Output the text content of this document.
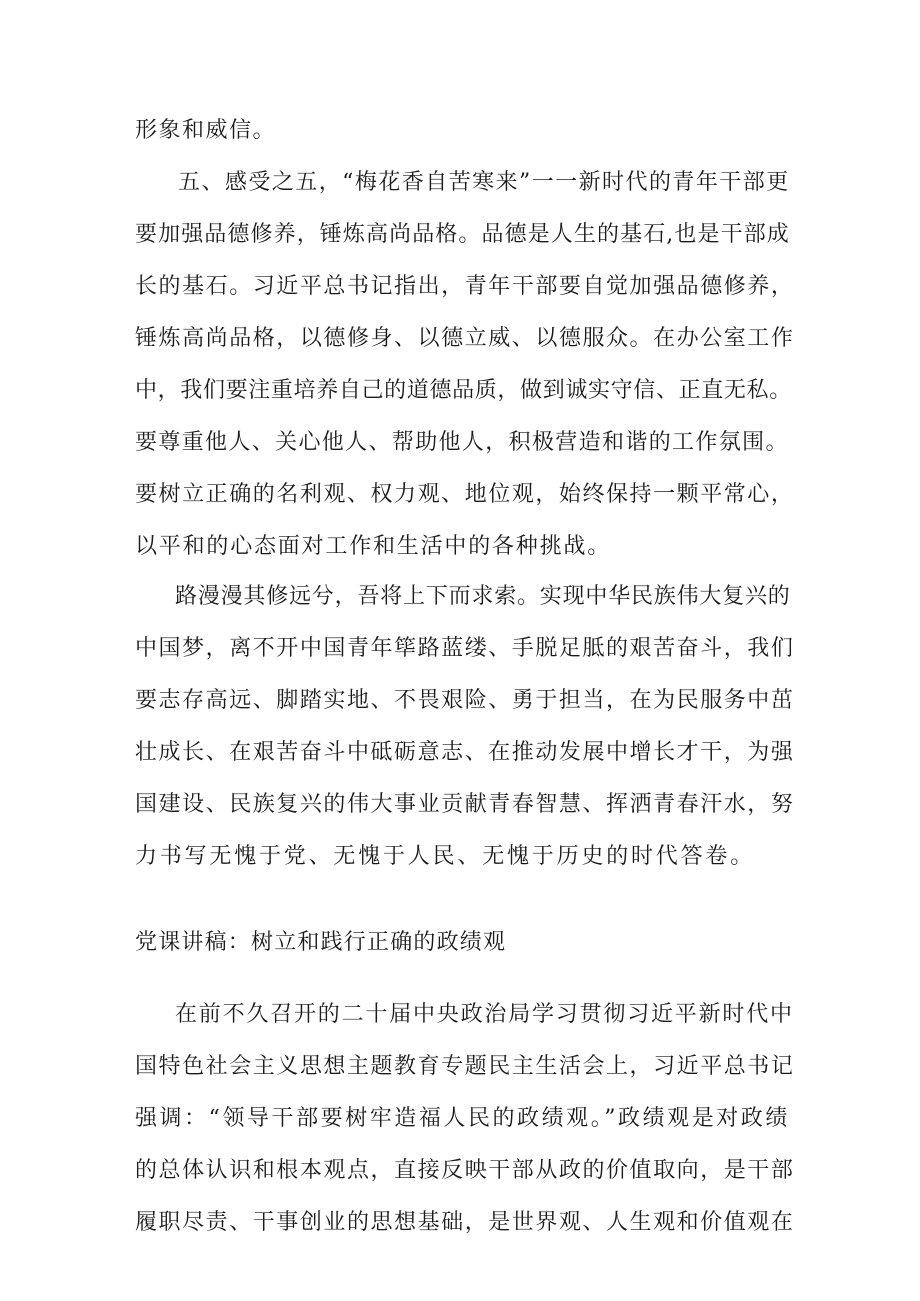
形象和威信。
五、感受之五，“梅花香自苦寒来”一一新时代的青年干部更
要加强品德修养，锤炼高尚品格。品德是人生的基石,也是干部成
长的基石。习近平总书记指出，青年干部要自觉加强品德修养，
锤炼高尚品格，以德修身、以德立威、以德服众。在办公室工作
中，我们要注重培养自己的道德品质，做到诚实守信、正直无私。
要尊重他人、关心他人、帮助他人，积极营造和谐的工作氛围。
要树立正确的名利观、权力观、地位观，始终保持一颗平常心，
以平和的心态面对工作和生活中的各种挑战。
路漫漫其修远兮，吾将上下而求索。实现中华民族伟大复兴的
中国梦，离不开中国青年筚路蓝缕、手脱足胝的艰苦奋斗，我们
要志存高远、脚踏实地、不畏艰险、勇于担当，在为民服务中茁
壮成长、在艰苦奋斗中砥砺意志、在推动发展中增长才干，为强
国建设、民族复兴的伟大事业贡献青春智慧、挥洒青春汗水，努
力书写无愧于党、无愧于人民、无愧于历史的时代答卷。
党课讲稿：树立和践行正确的政绩观
在前不久召开的二十届中央政治局学习贯彻习近平新时代中
国特色社会主义思想主题教育专题民主生活会上，习近平总书记
强调：“领导干部要树牢造福人民的政绩观。”政绩观是对政绩
的总体认识和根本观点，直接反映干部从政的价值取向，是干部
履职尽责、干事创业的思想基础，是世界观、人生观和价值观在
